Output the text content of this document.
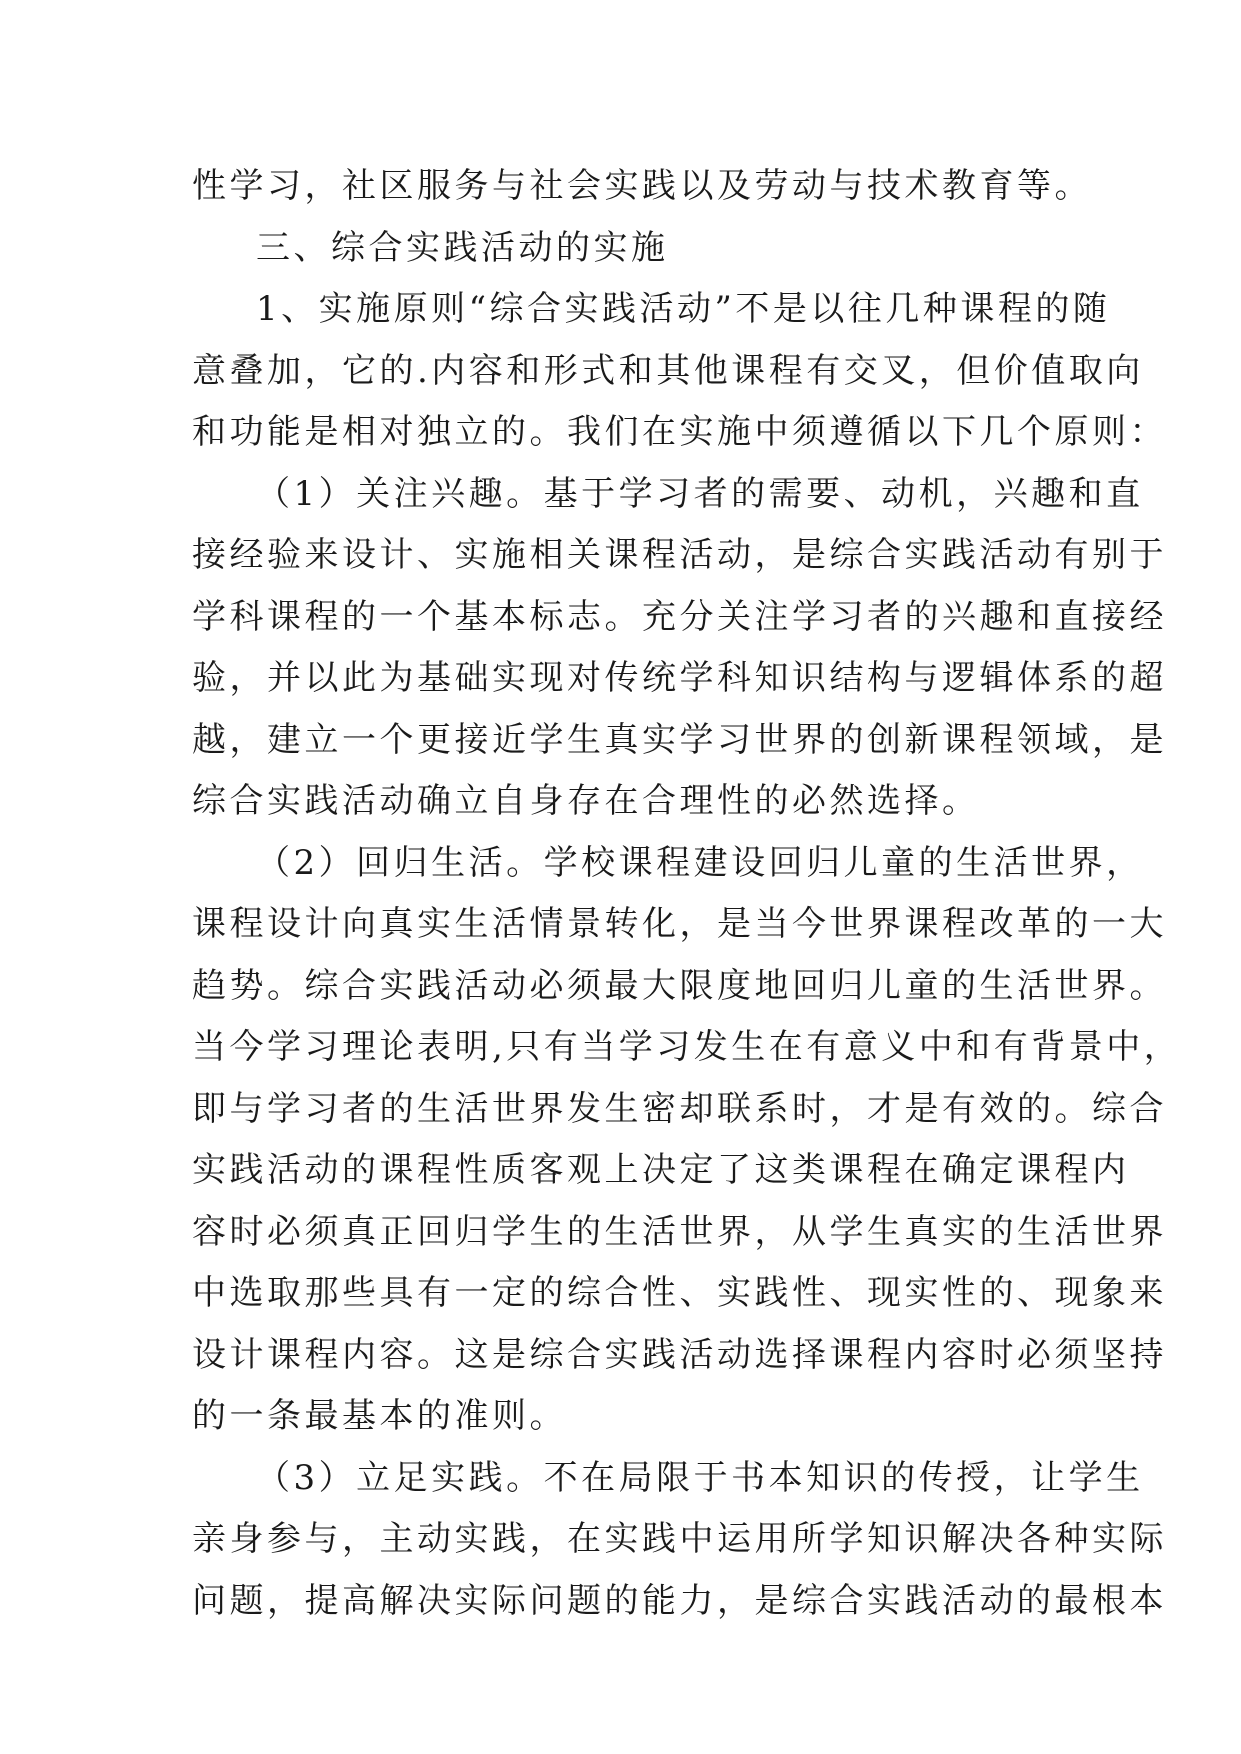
性学习，社区服务与社会实践以及劳动与技术教育等。
三、综合实践活动的实施
1、实施原则“综合实践活动”不是以往几种课程的随
意叠加，它的.内容和形式和其他课程有交叉，但价值取向
和功能是相对独立的。我们在实施中须遵循以下几个原则：
（1）关注兴趣。基于学习者的需要、动机，兴趣和直
接经验来设计、实施相关课程活动，是综合实践活动有别于
学科课程的一个基本标志。充分关注学习者的兴趣和直接经
验，并以此为基础实现对传统学科知识结构与逻辑体系的超
越，建立一个更接近学生真实学习世界的创新课程领域，是
综合实践活动确立自身存在合理性的必然选择。
（2）回归生活。学校课程建设回归儿童的生活世界，
课程设计向真实生活情景转化，是当今世界课程改革的一大
趋势。综合实践活动必须最大限度地回归儿童的生活世界。
当今学习理论表明,只有当学习发生在有意义中和有背景中，
即与学习者的生活世界发生密却联系时，才是有效的。综合
实践活动的课程性质客观上决定了这类课程在确定课程内
容时必须真正回归学生的生活世界，从学生真实的生活世界
中选取那些具有一定的综合性、实践性、现实性的、现象来
设计课程内容。这是综合实践活动选择课程内容时必须坚持
的一条最基本的准则。
（3）立足实践。不在局限于书本知识的传授，让学生
亲身参与，主动实践，在实践中运用所学知识解决各种实际
问题，提高解决实际问题的能力，是综合实践活动的最根本
